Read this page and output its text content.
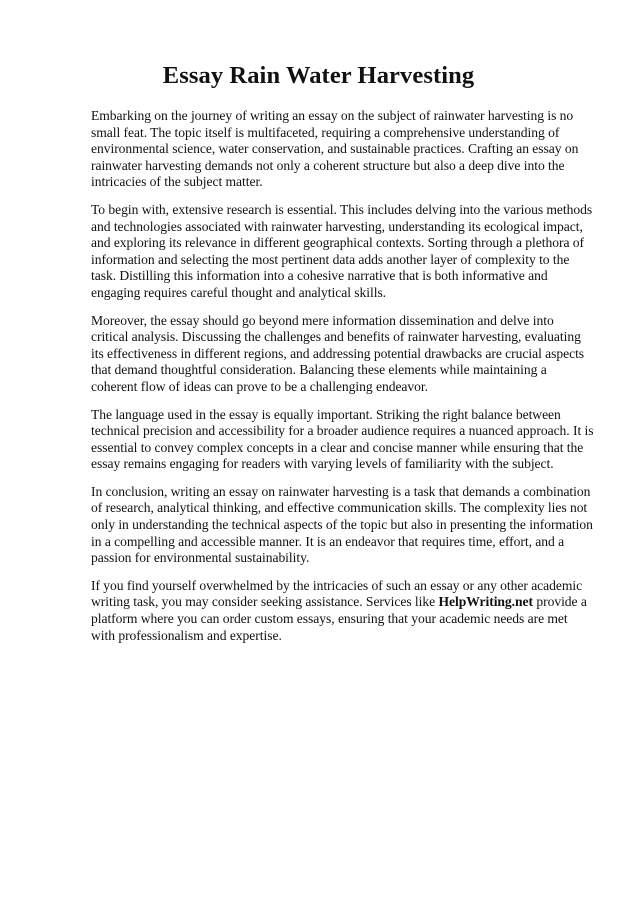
Essay Rain Water Harvesting

Embarking on the journey of writing an essay on the subject of rainwater harvesting is no small feat. The topic itself is multifaceted, requiring a comprehensive understanding of environmental science, water conservation, and sustainable practices. Crafting an essay on rainwater harvesting demands not only a coherent structure but also a deep dive into the intricacies of the subject matter.

To begin with, extensive research is essential. This includes delving into the various methods and technologies associated with rainwater harvesting, understanding its ecological impact, and exploring its relevance in different geographical contexts. Sorting through a plethora of information and selecting the most pertinent data adds another layer of complexity to the task. Distilling this information into a cohesive narrative that is both informative and engaging requires careful thought and analytical skills.

Moreover, the essay should go beyond mere information dissemination and delve into critical analysis. Discussing the challenges and benefits of rainwater harvesting, evaluating its effectiveness in different regions, and addressing potential drawbacks are crucial aspects that demand thoughtful consideration. Balancing these elements while maintaining a coherent flow of ideas can prove to be a challenging endeavor.

The language used in the essay is equally important. Striking the right balance between technical precision and accessibility for a broader audience requires a nuanced approach. It is essential to convey complex concepts in a clear and concise manner while ensuring that the essay remains engaging for readers with varying levels of familiarity with the subject.

In conclusion, writing an essay on rainwater harvesting is a task that demands a combination of research, analytical thinking, and effective communication skills. The complexity lies not only in understanding the technical aspects of the topic but also in presenting the information in a compelling and accessible manner. It is an endeavor that requires time, effort, and a passion for environmental sustainability.

If you find yourself overwhelmed by the intricacies of such an essay or any other academic writing task, you may consider seeking assistance. Services like HelpWriting.net provide a platform where you can order custom essays, ensuring that your academic needs are met with professionalism and expertise.
